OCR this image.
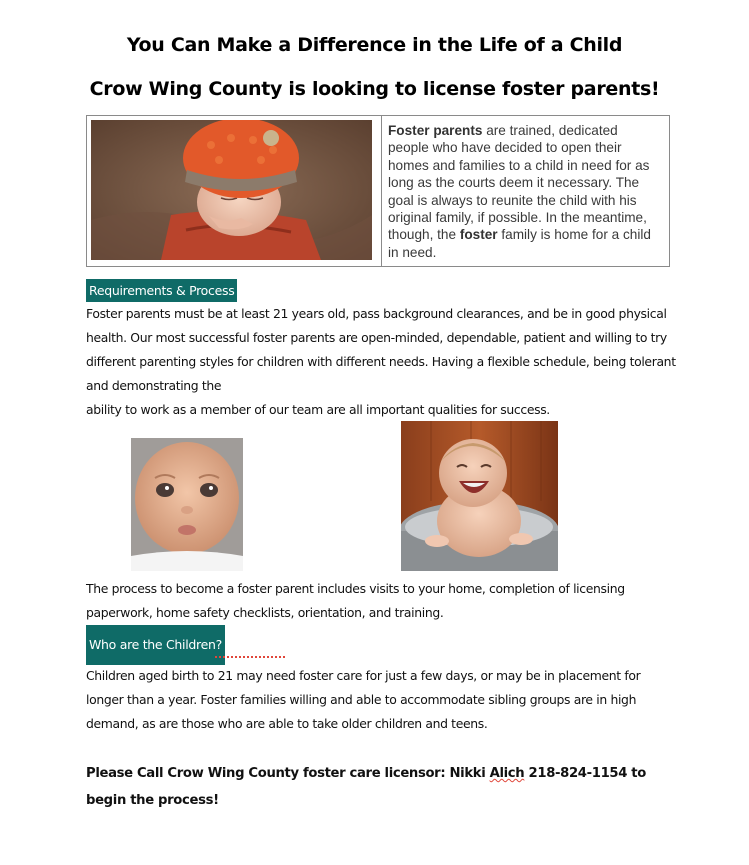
You Can Make a Difference in the Life of a Child
Crow Wing County is looking to license foster parents!
Foster parents are trained, dedicated people who have decided to open their homes and families to a child in need for as long as the courts deem it necessary. The goal is always to reunite the child with his original family, if possible. In the meantime, though, the foster family is home for a child in need.
Requirements & Process
Foster parents must be at least 21 years old, pass background clearances, and be in good physical health. Our most successful foster parents are open-minded, dependable, patient and willing to try different parenting styles for children with different needs. Having a flexible schedule, being tolerant and demonstrating the
ability to work as a member of our team are all important qualities for success.
The process to become a foster parent includes visits to your home, completion of licensing paperwork, home safety checklists, orientation, and training.
Who are the Children?
Children aged birth to 21 may need foster care for just a few days, or may be in placement for longer than a year. Foster families willing and able to accommodate sibling groups are in high demand, as are those who are able to take older children and teens.
Please Call Crow Wing County foster care licensor: Nikki Alich 218-824-1154 to begin the process!
